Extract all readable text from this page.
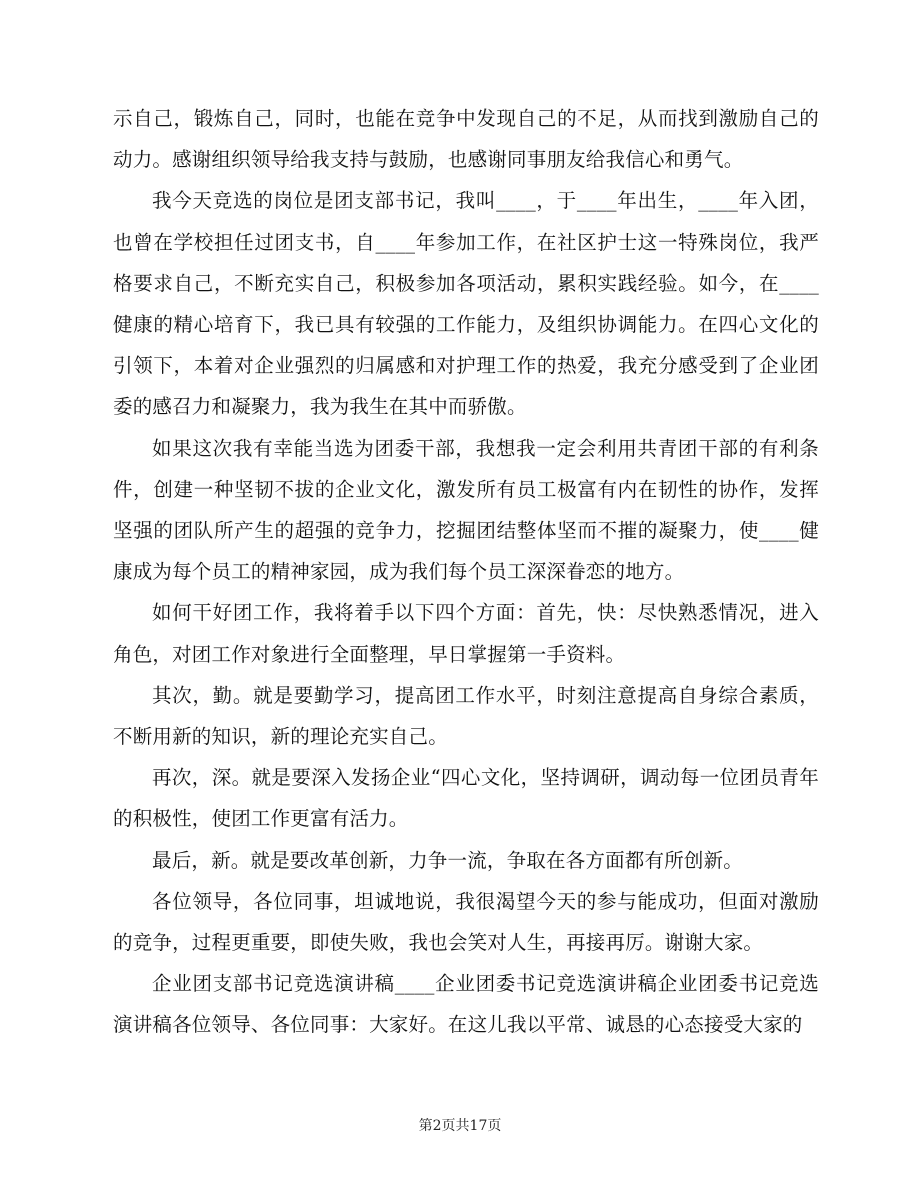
示自己，锻炼自己，同时，也能在竞争中发现自己的不足，从而找到激励自己的动力。感谢组织领导给我支持与鼓励，也感谢同事朋友给我信心和勇气。

我今天竞选的岗位是团支部书记，我叫____，于____年出生，____年入团，也曾在学校担任过团支书，自____年参加工作，在社区护士这一特殊岗位，我严格要求自己，不断充实自己，积极参加各项活动，累积实践经验。如今，在____健康的精心培育下，我已具有较强的工作能力，及组织协调能力。在四心文化的引领下，本着对企业强烈的归属感和对护理工作的热爱，我充分感受到了企业团委的感召力和凝聚力，我为我生在其中而骄傲。

如果这次我有幸能当选为团委干部，我想我一定会利用共青团干部的有利条件，创建一种坚韧不拔的企业文化，激发所有员工极富有内在韧性的协作，发挥坚强的团队所产生的超强的竞争力，挖掘团结整体坚而不摧的凝聚力，使____健康成为每个员工的精神家园，成为我们每个员工深深眷恋的地方。

如何干好团工作，我将着手以下四个方面：首先，快：尽快熟悉情况，进入角色，对团工作对象进行全面整理，早日掌握第一手资料。

其次，勤。就是要勤学习，提高团工作水平，时刻注意提高自身综合素质，不断用新的知识，新的理论充实自己。

再次，深。就是要深入发扬企业“四心文化，坚持调研，调动每一位团员青年的积极性，使团工作更富有活力。

最后，新。就是要改革创新，力争一流，争取在各方面都有所创新。

各位领导，各位同事，坦诚地说，我很渴望今天的参与能成功，但面对激励的竞争，过程更重要，即使失败，我也会笑对人生，再接再厉。谢谢大家。

企业团支部书记竞选演讲稿____企业团委书记竞选演讲稿企业团委书记竞选演讲稿各位领导、各位同事：大家好。在这儿我以平常、诚恳的心态接受大家的

第2页共17页
